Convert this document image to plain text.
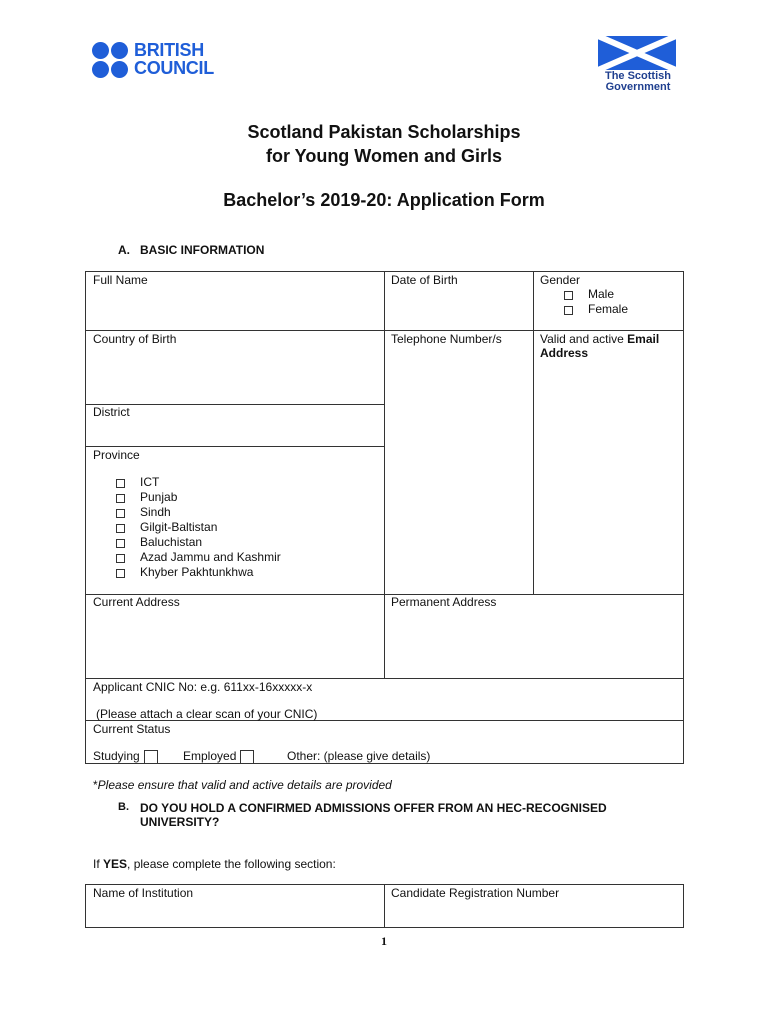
BRITISH
COUNCIL	The Scottish
Government
Scotland Pakistan Scholarships
for Young Women and Girls
Bachelor’s 2019-20: Application Form
A. BASIC INFORMATION
Full Name	Date of Birth	Gender
Male
Female
Country of Birth	Telephone Number/s	Valid and active Email
Address
District
Province
ICT
Punjab
Sindh
Gilgit-Baltistan
Baluchistan
Azad Jammu and Kashmir
Khyber Pakhtunkhwa
Current Address	Permanent Address
Applicant CNIC No: e.g. 611xx-16xxxxx-x
(Please attach a clear scan of your CNIC)
Current Status
Studying	Employed	Other: (please give details)
*Please ensure that valid and active details are provided
B. DO YOU HOLD A CONFIRMED ADMISSIONS OFFER FROM AN HEC-RECOGNISED
UNIVERSITY?
If YES, please complete the following section:
Name of Institution	Candidate Registration Number
1
